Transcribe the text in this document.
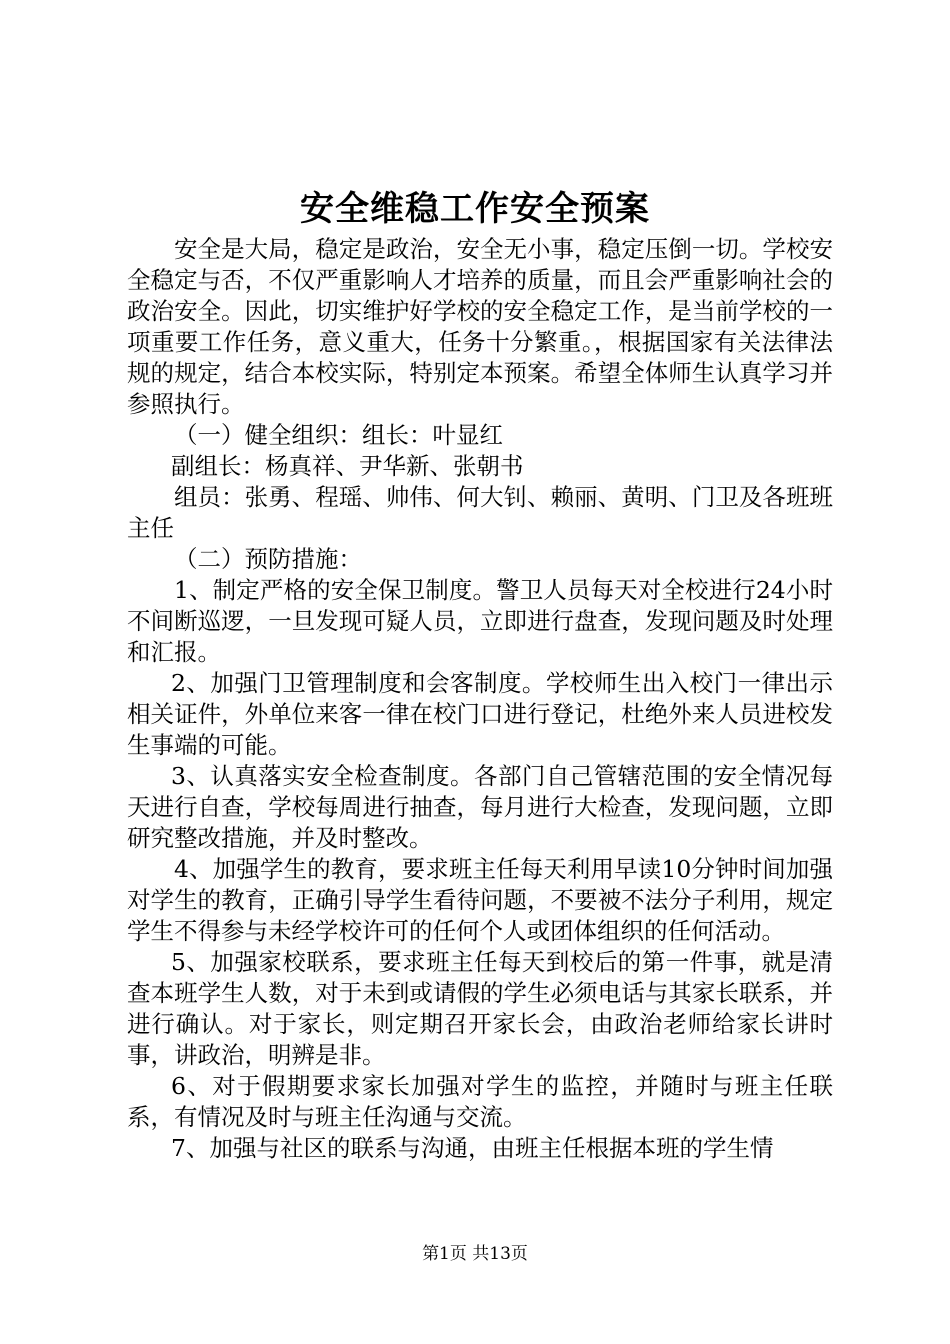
安全维稳工作安全预案

安全是大局，稳定是政治，安全无小事，稳定压倒一切。学校安全稳定与否，不仅严重影响人才培养的质量，而且会严重影响社会的政治安全。因此，切实维护好学校的安全稳定工作，是当前学校的一项重要工作任务，意义重大，任务十分繁重。，根据国家有关法律法规的规定，结合本校实际，特别定本预案。希望全体师生认真学习并参照执行。

（一）健全组织：组长：叶显红

副组长：杨真祥、尹华新、张朝书

组员：张勇、程瑶、帅伟、何大钊、赖丽、黄明、门卫及各班班主任

（二）预防措施：

1、制定严格的安全保卫制度。警卫人员每天对全校进行24小时不间断巡逻，一旦发现可疑人员，立即进行盘查，发现问题及时处理和汇报。

2、加强门卫管理制度和会客制度。学校师生出入校门一律出示相关证件，外单位来客一律在校门口进行登记，杜绝外来人员进校发生事端的可能。

3、认真落实安全检查制度。各部门自己管辖范围的安全情况每天进行自查，学校每周进行抽查，每月进行大检查，发现问题，立即研究整改措施，并及时整改。

4、加强学生的教育，要求班主任每天利用早读10分钟时间加强对学生的教育，正确引导学生看待问题，不要被不法分子利用，规定学生不得参与未经学校许可的任何个人或团体组织的任何活动。

5、加强家校联系，要求班主任每天到校后的第一件事，就是清查本班学生人数，对于未到或请假的学生必须电话与其家长联系，并进行确认。对于家长，则定期召开家长会，由政治老师给家长讲时事，讲政治，明辨是非。

6、对于假期要求家长加强对学生的监控，并随时与班主任联系，有情况及时与班主任沟通与交流。

7、加强与社区的联系与沟通，由班主任根据本班的学生情

第1页 共13页
